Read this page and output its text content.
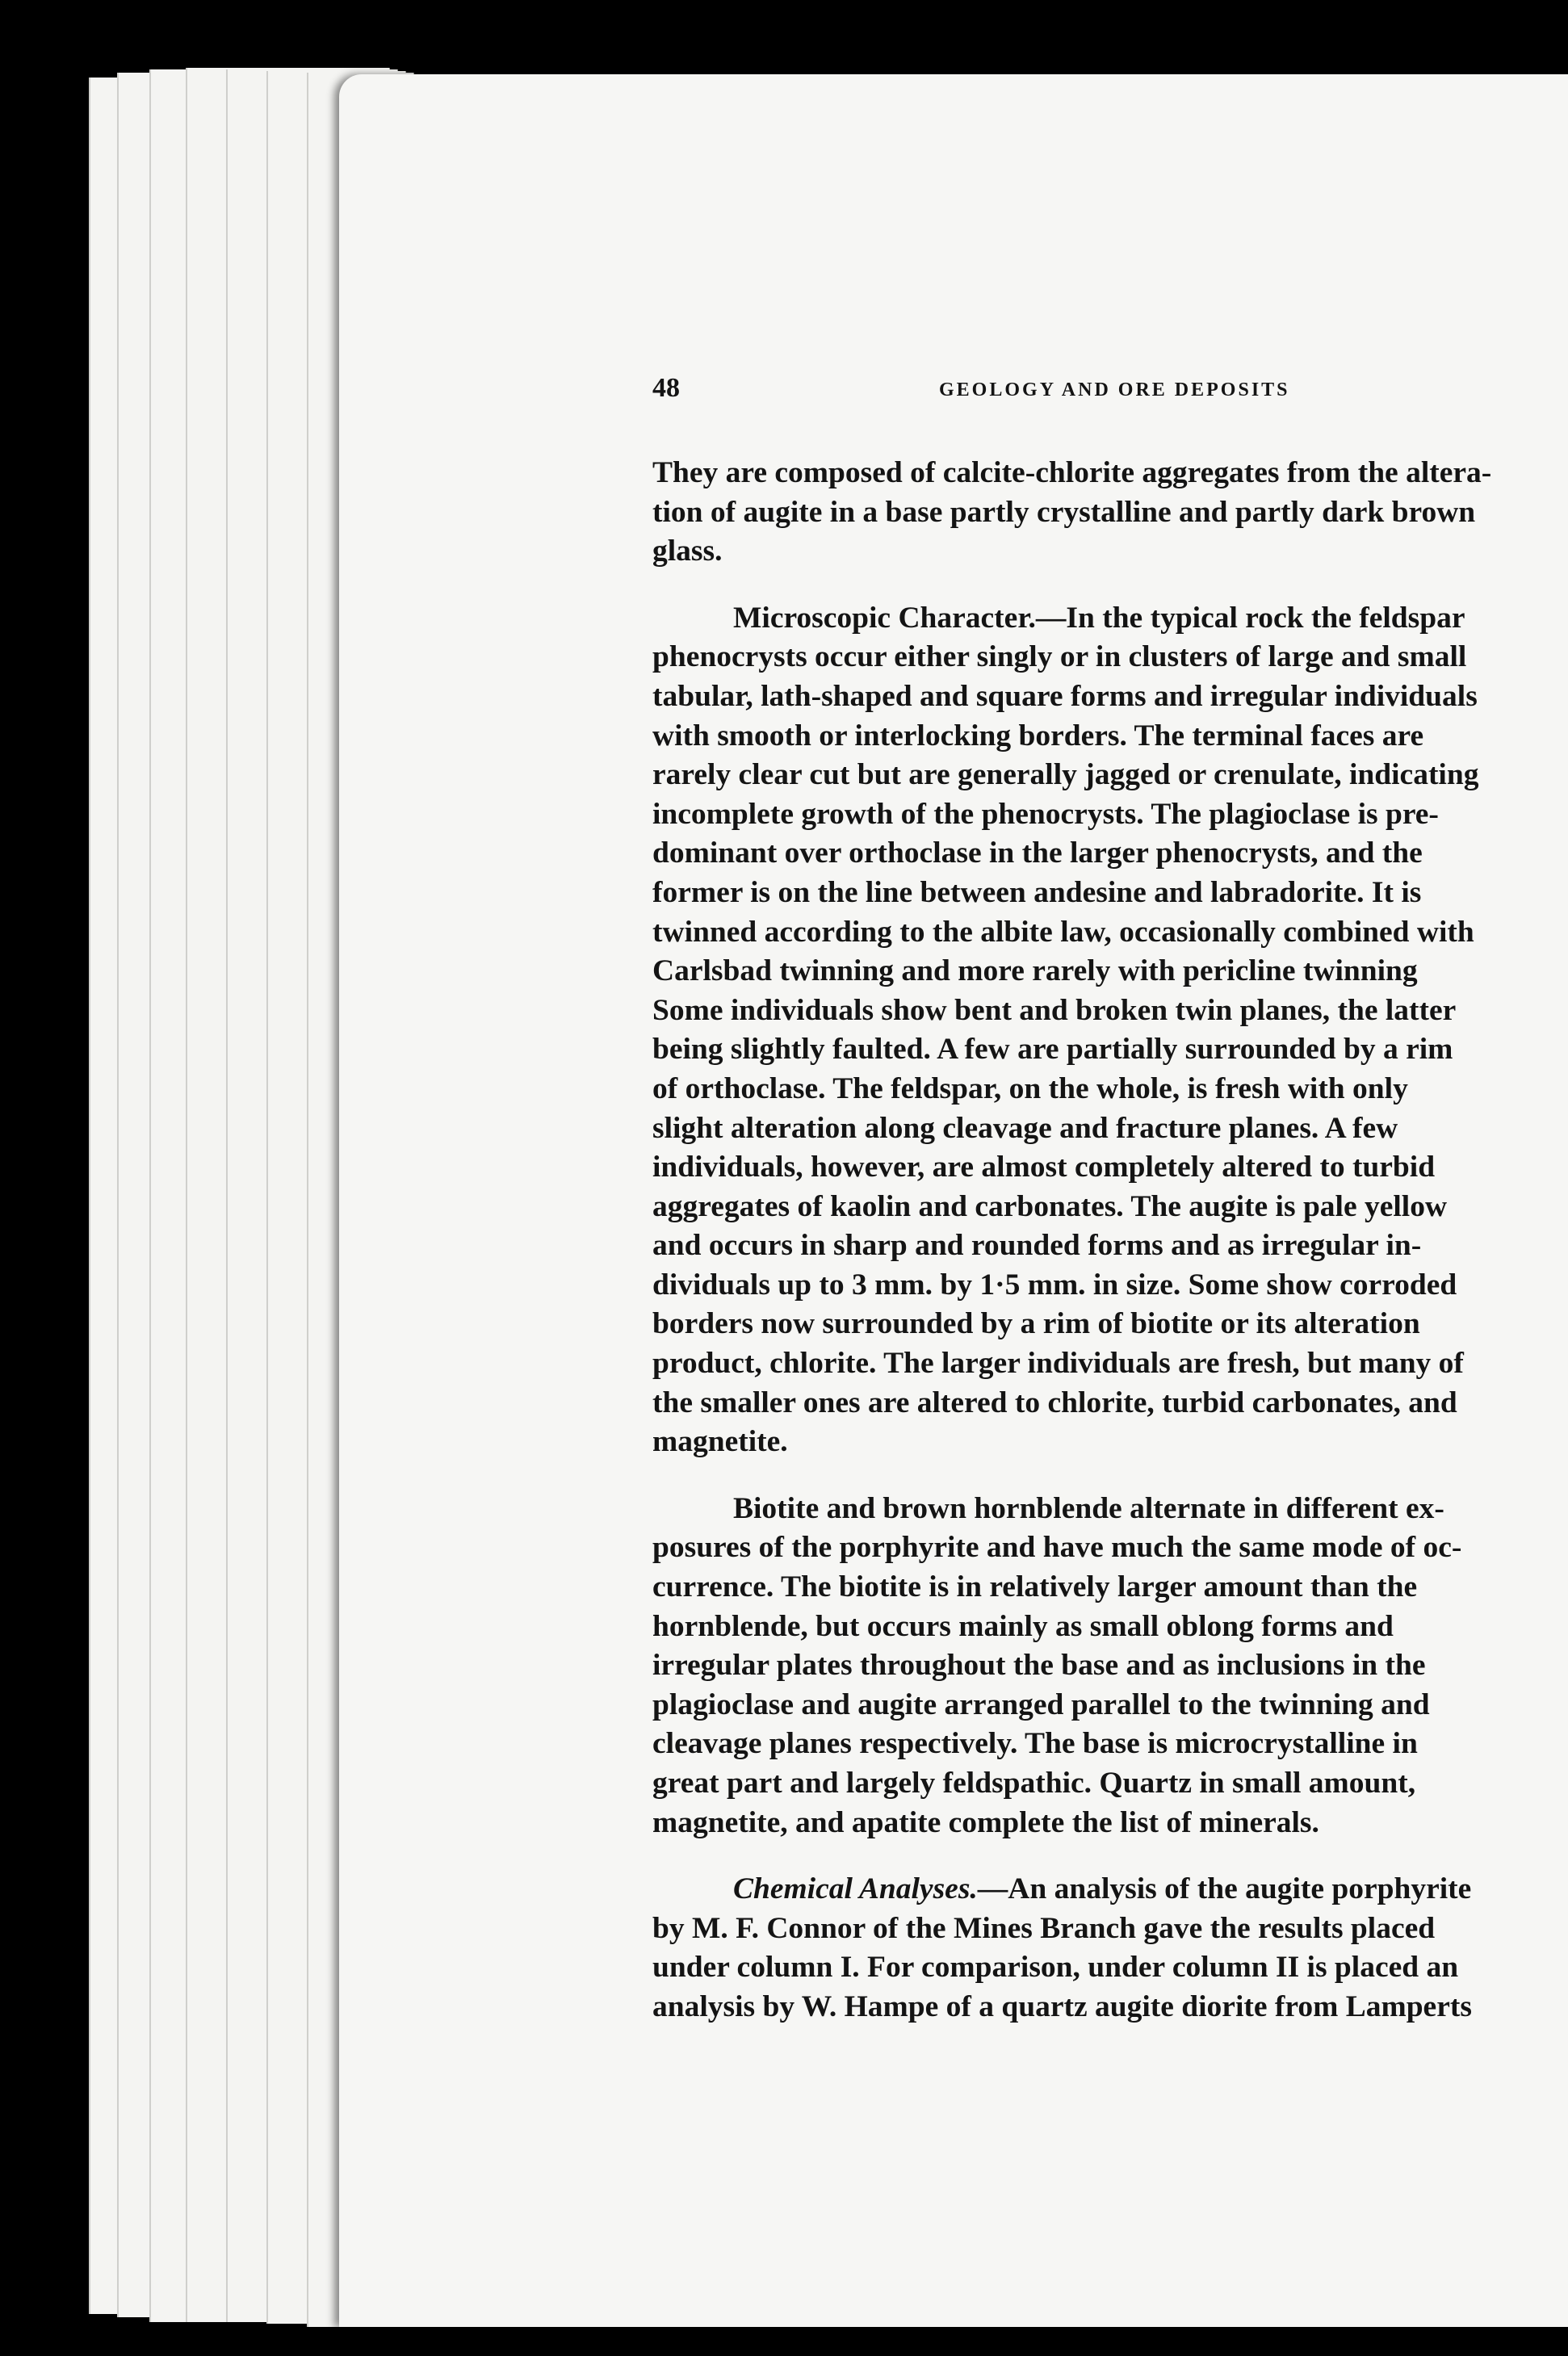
48	GEOLOGY AND ORE DEPOSITS

They are composed of calcite-chlorite aggregates from the altera-
tion of augite in a base partly crystalline and partly dark brown
glass.

Microscopic Character.—In the typical rock the feldspar
phenocrysts occur either singly or in clusters of large and small
tabular, lath-shaped and square forms and irregular individuals
with smooth or interlocking borders. The terminal faces are
rarely clear cut but are generally jagged or crenulate, indicating
incomplete growth of the phenocrysts. The plagioclase is pre-
dominant over orthoclase in the larger phenocrysts, and the
former is on the line between andesine and labradorite. It is
twinned according to the albite law, occasionally combined with
Carlsbad twinning and more rarely with pericline twinning
Some individuals show bent and broken twin planes, the latter
being slightly faulted. A few are partially surrounded by a rim
of orthoclase. The feldspar, on the whole, is fresh with only
slight alteration along cleavage and fracture planes. A few
individuals, however, are almost completely altered to turbid
aggregates of kaolin and carbonates. The augite is pale yellow
and occurs in sharp and rounded forms and as irregular in-
dividuals up to 3 mm. by 1·5 mm. in size. Some show corroded
borders now surrounded by a rim of biotite or its alteration
product, chlorite. The larger individuals are fresh, but many of
the smaller ones are altered to chlorite, turbid carbonates, and
magnetite.

Biotite and brown hornblende alternate in different ex-
posures of the porphyrite and have much the same mode of oc-
currence. The biotite is in relatively larger amount than the
hornblende, but occurs mainly as small oblong forms and
irregular plates throughout the base and as inclusions in the
plagioclase and augite arranged parallel to the twinning and
cleavage planes respectively. The base is microcrystalline in
great part and largely feldspathic. Quartz in small amount,
magnetite, and apatite complete the list of minerals.

Chemical Analyses.—An analysis of the augite porphyrite
by M. F. Connor of the Mines Branch gave the results placed
under column I. For comparison, under column II is placed an
analysis by W. Hampe of a quartz augite diorite from Lamperts
